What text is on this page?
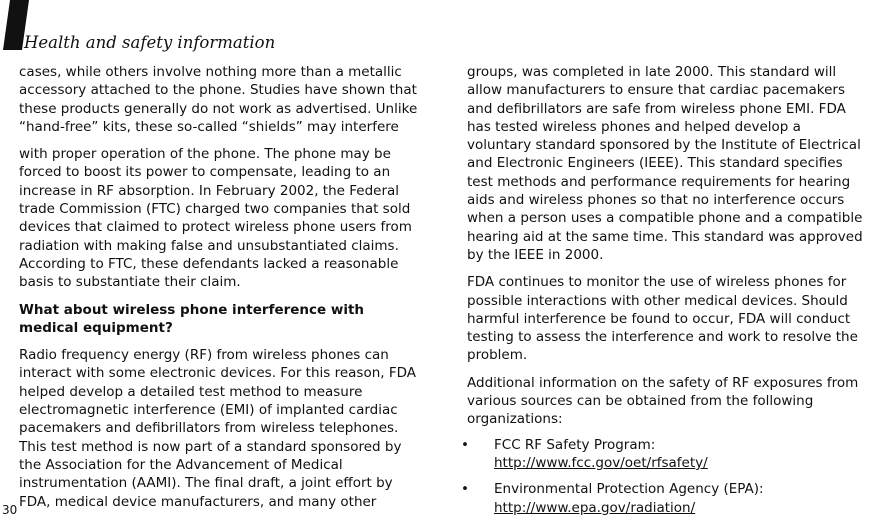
Health and safety information

cases, while others involve nothing more than a metallic accessory attached to the phone. Studies have shown that these products generally do not work as advertised. Unlike “hand-free” kits, these so-called “shields” may interfere

with proper operation of the phone. The phone may be forced to boost its power to compensate, leading to an increase in RF absorption. In February 2002, the Federal trade Commission (FTC) charged two companies that sold devices that claimed to protect wireless phone users from radiation with making false and unsubstantiated claims. According to FTC, these defendants lacked a reasonable basis to substantiate their claim.

What about wireless phone interference with medical equipment?

Radio frequency energy (RF) from wireless phones can interact with some electronic devices. For this reason, FDA helped develop a detailed test method to measure electromagnetic interference (EMI) of implanted cardiac pacemakers and defibrillators from wireless telephones. This test method is now part of a standard sponsored by the Association for the Advancement of Medical instrumentation (AAMI). The final draft, a joint effort by FDA, medical device manufacturers, and many other

groups, was completed in late 2000. This standard will allow manufacturers to ensure that cardiac pacemakers and defibrillators are safe from wireless phone EMI. FDA has tested wireless phones and helped develop a voluntary standard sponsored by the Institute of Electrical and Electronic Engineers (IEEE). This standard specifies test methods and performance requirements for hearing aids and wireless phones so that no interference occurs when a person uses a compatible phone and a compatible hearing aid at the same time. This standard was approved by the IEEE in 2000.

FDA continues to monitor the use of wireless phones for possible interactions with other medical devices. Should harmful interference be found to occur, FDA will conduct testing to assess the interference and work to resolve the problem.

Additional information on the safety of RF exposures from various sources can be obtained from the following organizations:

• FCC RF Safety Program:
http://www.fcc.gov/oet/rfsafety/
• Environmental Protection Agency (EPA):
http://www.epa.gov/radiation/
30
